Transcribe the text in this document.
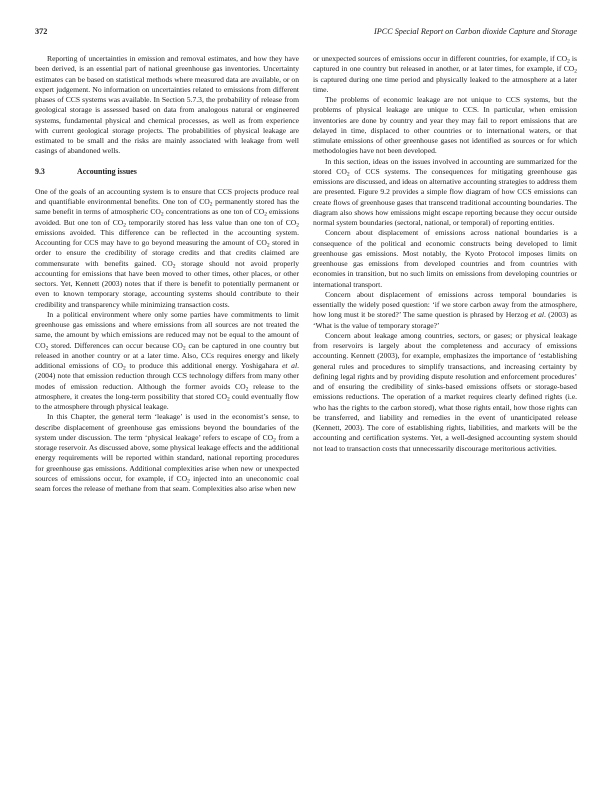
372	IPCC Special Report on Carbon dioxide Capture and Storage

Reporting of uncertainties in emission and removal estimates, and how they have been derived, is an essential part of national greenhouse gas inventories. Uncertainty estimates can be based on statistical methods where measured data are available, or on expert judgement. No information on uncertainties related to emissions from different phases of CCS systems was available. In Section 5.7.3, the probability of release from geological storage is assessed based on data from analogous natural or engineered systems, fundamental physical and chemical processes, as well as from experience with current geological storage projects. The probabilities of physical leakage are estimated to be small and the risks are mainly associated with leakage from well casings of abandoned wells.

9.3	Accounting issues

One of the goals of an accounting system is to ensure that CCS projects produce real and quantifiable environmental benefits. One ton of $CO_2$ permanently stored has the same benefit in terms of atmospheric $CO_2$ concentrations as one ton of $CO_2$ emissions avoided. But one ton of $CO_2$ temporarily stored has less value than one ton of $CO_2$ emissions avoided. This difference can be reflected in the accounting system. Accounting for CCS may have to go beyond measuring the amount of $CO_2$ stored in order to ensure the credibility of storage credits and that credits claimed are commensurate with benefits gained. $CO_2$ storage should not avoid properly accounting for emissions that have been moved to other times, other places, or other sectors. Yet, Kennett (2003) notes that if there is benefit to potentially permanent or even to known temporary storage, accounting systems should contribute to their credibility and transparency while minimizing transaction costs.

In a political environment where only some parties have commitments to limit greenhouse gas emissions and where emissions from all sources are not treated the same, the amount by which emissions are reduced may not be equal to the amount of $CO_2$ stored. Differences can occur because $CO_2$ can be captured in one country but released in another country or at a later time. Also, CCs requires energy and likely additional emissions of $CO_2$ to produce this additional energy. Yoshigahara et al. (2004) note that emission reduction through CCS technology differs from many other modes of emission reduction. Although the former avoids $CO_2$ release to the atmosphere, it creates the long-term possibility that stored $CO_2$ could eventually flow to the atmosphere through physical leakage.

In this Chapter, the general term ‘leakage’ is used in the economist’s sense, to describe displacement of greenhouse gas emissions beyond the boundaries of the system under discussion. The term ‘physical leakage’ refers to escape of $CO_2$ from a storage reservoir. As discussed above, some physical leakage effects and the additional energy requirements will be reported within standard, national reporting procedures for greenhouse gas emissions. Additional complexities arise when new or unexpected sources of emissions occur, for example, if $CO_2$ injected into an uneconomic coal seam forces the release of methane from that seam. Complexities also arise when new

or unexpected sources of emissions occur in different countries, for example, if $CO_2$ is captured in one country but released in another, or at later times, for example, if $CO_2$ is captured during one time period and physically leaked to the atmosphere at a later time.

The problems of economic leakage are not unique to CCS systems, but the problems of physical leakage are unique to CCS. In particular, when emission inventories are done by country and year they may fail to report emissions that are delayed in time, displaced to other countries or to international waters, or that stimulate emissions of other greenhouse gases not identified as sources or for which methodologies have not been developed.

In this section, ideas on the issues involved in accounting are summarized for the stored $CO_2$ of CCS systems. The consequences for mitigating greenhouse gas emissions are discussed, and ideas on alternative accounting strategies to address them are presented. Figure 9.2 provides a simple flow diagram of how CCS emissions can create flows of greenhouse gases that transcend traditional accounting boundaries. The diagram also shows how emissions might escape reporting because they occur outside normal system boundaries (sectoral, national, or temporal) of reporting entities.

Concern about displacement of emissions across national boundaries is a consequence of the political and economic constructs being developed to limit greenhouse gas emissions. Most notably, the Kyoto Protocol imposes limits on greenhouse gas emissions from developed countries and from countries with economies in transition, but no such limits on emissions from developing countries or international transport.

Concern about displacement of emissions across temporal boundaries is essentially the widely posed question: ‘if we store carbon away from the atmosphere, how long must it be stored?’ The same question is phrased by Herzog et al. (2003) as ‘What is the value of temporary storage?’

Concern about leakage among countries, sectors, or gases; or physical leakage from reservoirs is largely about the completeness and accuracy of emissions accounting. Kennett (2003), for example, emphasizes the importance of ‘establishing general rules and procedures to simplify transactions, and increasing certainty by defining legal rights and by providing dispute resolution and enforcement procedures’ and of ensuring the credibility of sinks-based emissions offsets or storage-based emissions reductions. The operation of a market requires clearly defined rights (i.e. who has the rights to the carbon stored), what those rights entail, how those rights can be transferred, and liability and remedies in the event of unanticipated release (Kennett, 2003). The core of establishing rights, liabilities, and markets will be the accounting and certification systems. Yet, a well-designed accounting system should not lead to transaction costs that unnecessarily discourage meritorious activities.
